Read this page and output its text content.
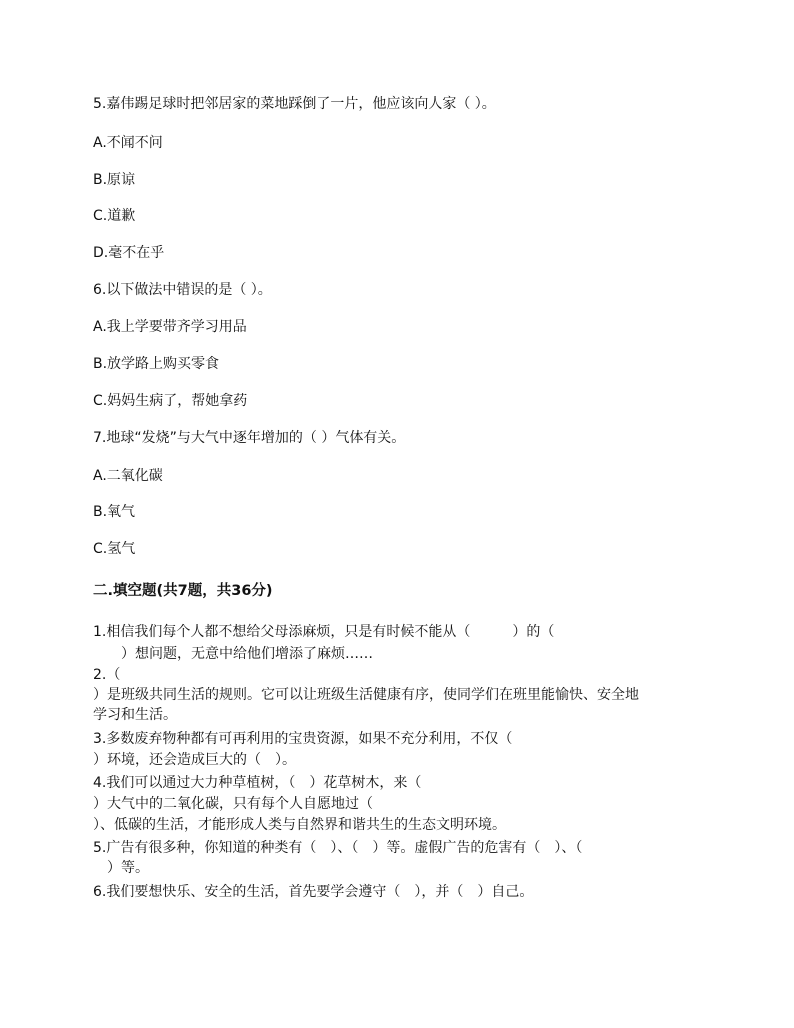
5.嘉伟踢足球时把邻居家的菜地踩倒了一片，他应该向人家（ ）。
A.不闻不问
B.原谅
C.道歉
D.毫不在乎
6.以下做法中错误的是（ ）。
A.我上学要带齐学习用品
B.放学路上购买零食
C.妈妈生病了，帮她拿药
7.地球“发烧”与大气中逐年增加的（ ）气体有关。
A.二氧化碳
B.氧气
C.氢气
二.填空题(共7题，共36分)
1.相信我们每个人都不想给父母添麻烦，只是有时候不能从（　　　）的（
　　）想问题，无意中给他们增添了麻烦……
2.（
）是班级共同生活的规则。它可以让班级生活健康有序，使同学们在班里能愉快、安全地
学习和生活。
3.多数废弃物种都有可再利用的宝贵资源，如果不充分利用，不仅（
）环境，还会造成巨大的（　）。
4.我们可以通过大力种草植树，（　）花草树木，来（
）大气中的二氧化碳，只有每个人自愿地过（
）、低碳的生活，才能形成人类与自然界和谐共生的生态文明环境。
5.广告有很多种，你知道的种类有（　）、（　）等。虚假广告的危害有（　）、（
　）等。
6.我们要想快乐、安全的生活，首先要学会遵守（　），并（　）自己。
